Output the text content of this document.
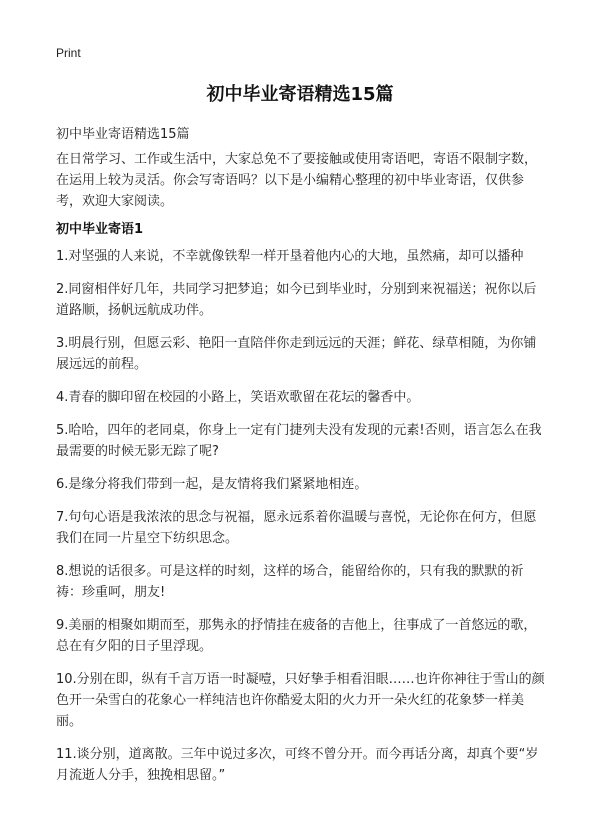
Print
初中毕业寄语精选15篇
初中毕业寄语精选15篇
在日常学习、工作或生活中，大家总免不了要接触或使用寄语吧，寄语不限制字数，在运用上较为灵活。你会写寄语吗？以下是小编精心整理的初中毕业寄语，仅供参考，欢迎大家阅读。
初中毕业寄语1

1.对坚强的人来说，不幸就像铁犁一样开垦着他内心的大地，虽然痛，却可以播种

2.同窗相伴好几年，共同学习把梦追；如今已到毕业时，分别到来祝福送；祝你以后道路顺，扬帆远航成功伴。

3.明晨行别，但愿云彩、艳阳一直陪伴你走到远远的天涯；鲜花、绿草相随，为你铺展远远的前程。

4.青春的脚印留在校园的小路上，笑语欢歌留在花坛的馨香中。

5.哈哈，四年的老同桌，你身上一定有门捷列夫没有发现的元素!否则，语言怎么在我最需要的时候无影无踪了呢?

6.是缘分将我们带到一起，是友情将我们紧紧地相连。

7.句句心语是我浓浓的思念与祝福，愿永远系着你温暖与喜悦，无论你在何方，但愿我们在同一片星空下纺织思念。

8.想说的话很多。可是这样的时刻，这样的场合，能留给你的，只有我的默默的祈祷：珍重呵，朋友!

9.美丽的相聚如期而至，那隽永的抒情挂在疲备的吉他上，往事成了一首悠远的歌，总在有夕阳的日子里浮现。

10.分别在即，纵有千言万语一时凝噎，只好挚手相看泪眼……也许你神往于雪山的颜色开一朵雪白的花象心一样纯洁也许你酷爱太阳的火力开一朵火红的花象梦一样美丽。

11.谈分别，道离散。三年中说过多次，可终不曾分开。而今再话分离，却真个要“岁月流逝人分手，独挽相思留。”
